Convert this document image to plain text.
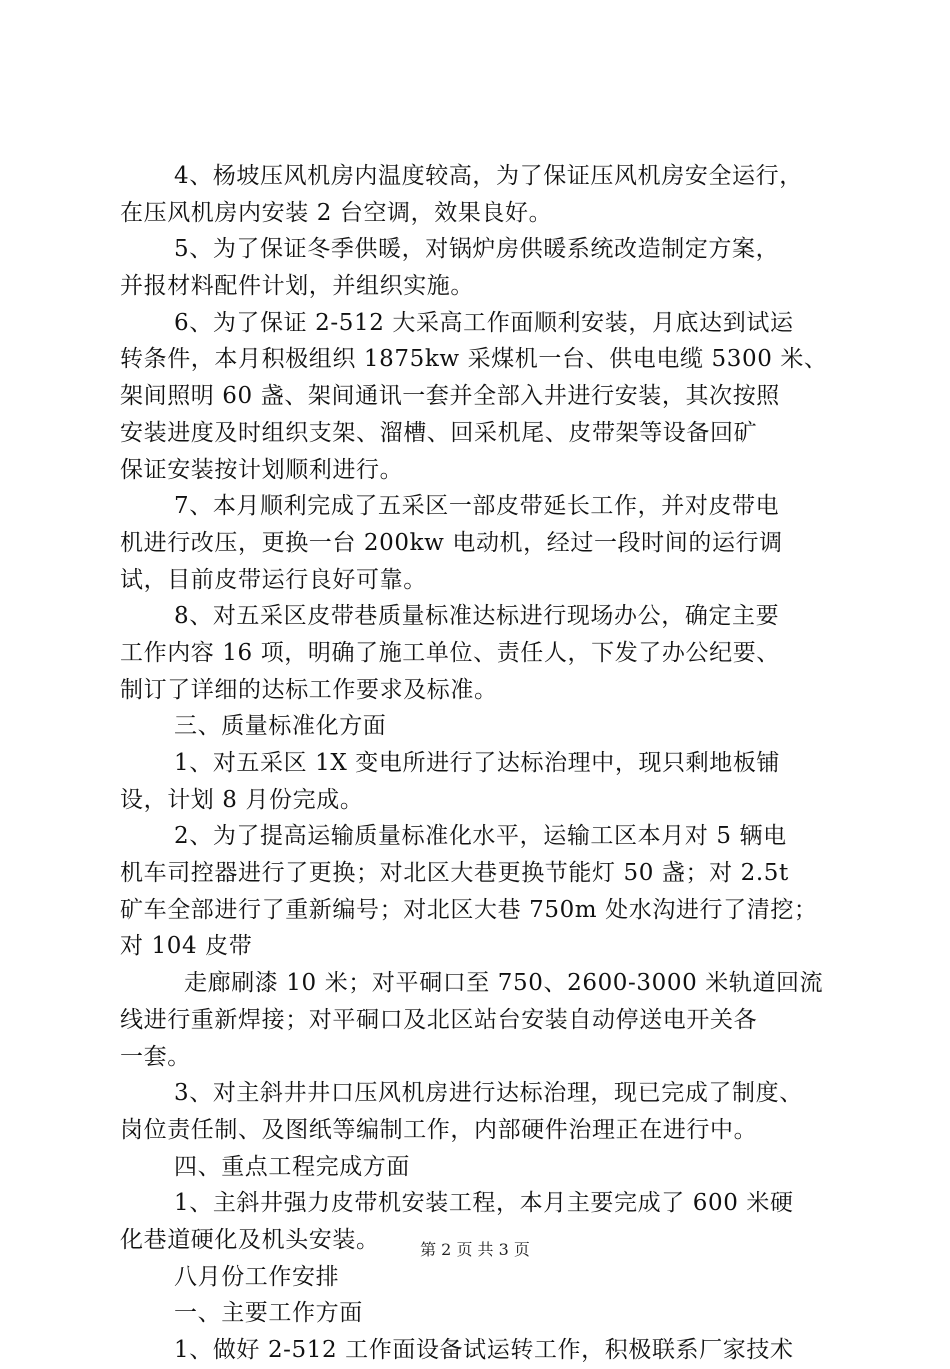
4、杨坡压风机房内温度较高，为了保证压风机房安全运行，
在压风机房内安装 2 台空调，效果良好。
5、为了保证冬季供暖，对锅炉房供暖系统改造制定方案，
并报材料配件计划，并组织实施。
6、为了保证 2-512 大采高工作面顺利安装，月底达到试运
转条件，本月积极组织 1875kw 采煤机一台、供电电缆 5300 米、
架间照明 60 盏、架间通讯一套并全部入井进行安装，其次按照
安装进度及时组织支架、溜槽、回采机尾、皮带架等设备回矿
保证安装按计划顺利进行。
7、本月顺利完成了五采区一部皮带延长工作，并对皮带电
机进行改压，更换一台 200kw 电动机，经过一段时间的运行调
试，目前皮带运行良好可靠。
8、对五采区皮带巷质量标准达标进行现场办公，确定主要
工作内容 16 项，明确了施工单位、责任人，下发了办公纪要、
制订了详细的达标工作要求及标准。
三、质量标准化方面
1、对五采区 1X 变电所进行了达标治理中，现只剩地板铺
设，计划 8 月份完成。
2、为了提高运输质量标准化水平，运输工区本月对 5 辆电
机车司控器进行了更换；对北区大巷更换节能灯 50 盏；对 2.5t
矿车全部进行了重新编号；对北区大巷 750m 处水沟进行了清挖；
对 104 皮带
走廊刷漆 10 米；对平硐口至 750、2600-3000 米轨道回流
线进行重新焊接；对平硐口及北区站台安装自动停送电开关各
一套。
3、对主斜井井口压风机房进行达标治理，现已完成了制度、
岗位责任制、及图纸等编制工作，内部硬件治理正在进行中。
四、重点工程完成方面
1、主斜井强力皮带机安装工程，本月主要完成了 600 米硬
化巷道硬化及机头安装。
八月份工作安排
一、主要工作方面
1、做好 2-512 工作面设备试运转工作，积极联系厂家技术
第 2 页 共 3 页
